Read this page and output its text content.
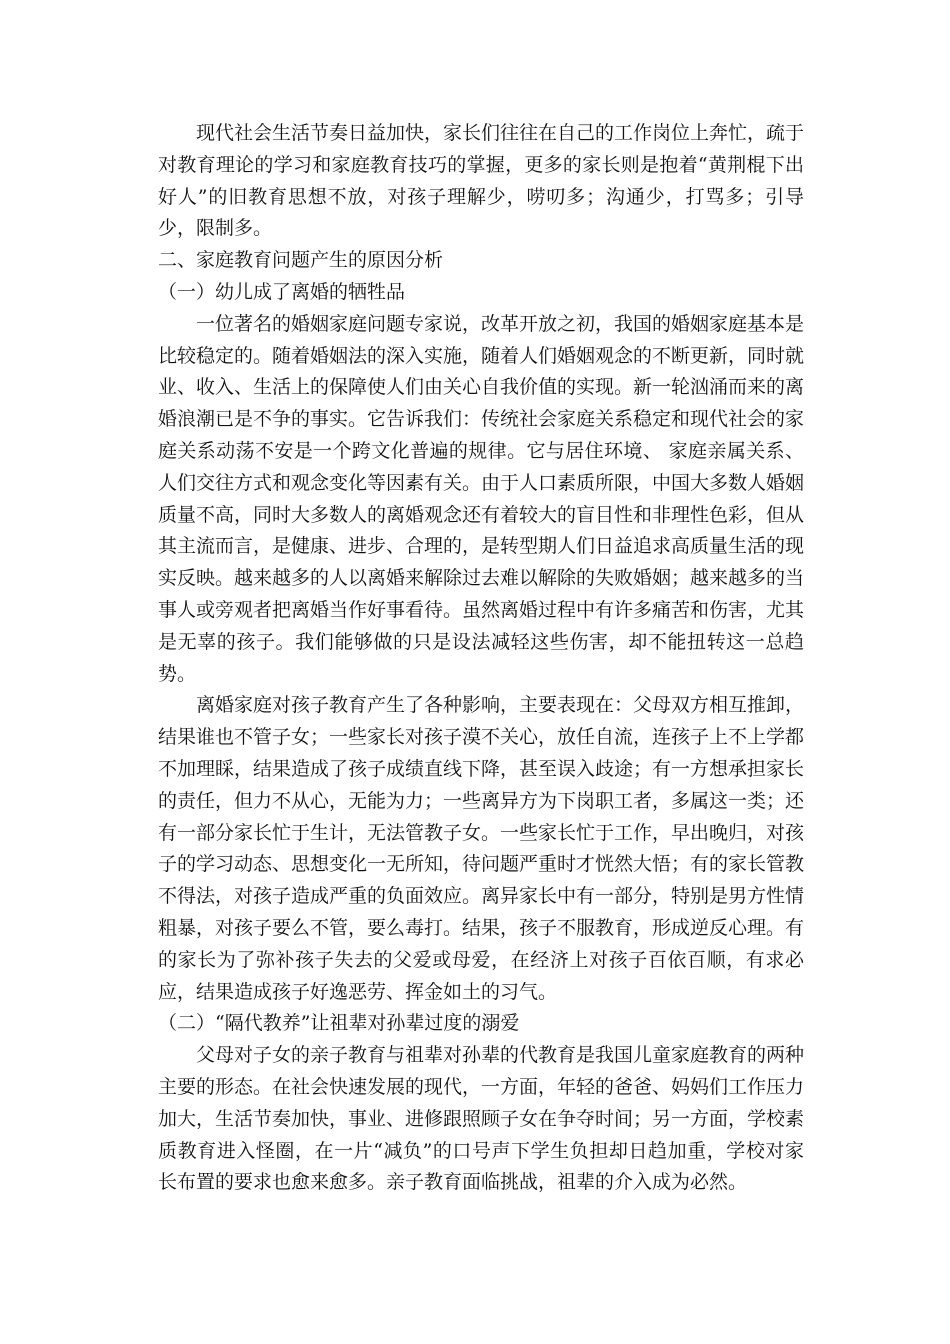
现代社会生活节奏日益加快，家长们往往在自己的工作岗位上奔忙，疏于对教育理论的学习和家庭教育技巧的掌握，更多的家长则是抱着“黄荆棍下出好人”的旧教育思想不放，对孩子理解少，唠叨多；沟通少，打骂多；引导少，限制多。

二、家庭教育问题产生的原因分析

（一）幼儿成了离婚的牺牲品

一位著名的婚姻家庭问题专家说，改革开放之初，我国的婚姻家庭基本是比较稳定的。随着婚姻法的深入实施，随着人们婚姻观念的不断更新，同时就业、收入、生活上的保障使人们由关心自我价值的实现。新一轮汹涌而来的离婚浪潮已是不争的事实。它告诉我们：传统社会家庭关系稳定和现代社会的家庭关系动荡不安是一个跨文化普遍的规律。它与居住环境、 家庭亲属关系、人们交往方式和观念变化等因素有关。由于人口素质所限，中国大多数人婚姻质量不高，同时大多数人的离婚观念还有着较大的盲目性和非理性色彩，但从其主流而言，是健康、进步、合理的，是转型期人们日益追求高质量生活的现实反映。越来越多的人以离婚来解除过去难以解除的失败婚姻；越来越多的当事人或旁观者把离婚当作好事看待。虽然离婚过程中有许多痛苦和伤害，尤其是无辜的孩子。我们能够做的只是设法减轻这些伤害，却不能扭转这一总趋势。

离婚家庭对孩子教育产生了各种影响，主要表现在：父母双方相互推卸，结果谁也不管子女；一些家长对孩子漠不关心，放任自流，连孩子上不上学都不加理睬，结果造成了孩子成绩直线下降，甚至误入歧途；有一方想承担家长的责任，但力不从心，无能为力；一些离异方为下岗职工者，多属这一类；还有一部分家长忙于生计，无法管教子女。一些家长忙于工作，早出晚归，对孩子的学习动态、思想变化一无所知，待问题严重时才恍然大悟；有的家长管教不得法，对孩子造成严重的负面效应。离异家长中有一部分，特别是男方性情粗暴，对孩子要么不管，要么毒打。结果，孩子不服教育，形成逆反心理。有的家长为了弥补孩子失去的父爱或母爱，在经济上对孩子百依百顺，有求必应，结果造成孩子好逸恶劳、挥金如土的习气。

（二）“隔代教养”让祖辈对孙辈过度的溺爱

父母对子女的亲子教育与祖辈对孙辈的代教育是我国儿童家庭教育的两种主要的形态。在社会快速发展的现代，一方面，年轻的爸爸、妈妈们工作压力加大，生活节奏加快，事业、进修跟照顾子女在争夺时间；另一方面，学校素质教育进入怪圈，在一片“减负”的口号声下学生负担却日趋加重，学校对家长布置的要求也愈来愈多。亲子教育面临挑战，祖辈的介入成为必然。
